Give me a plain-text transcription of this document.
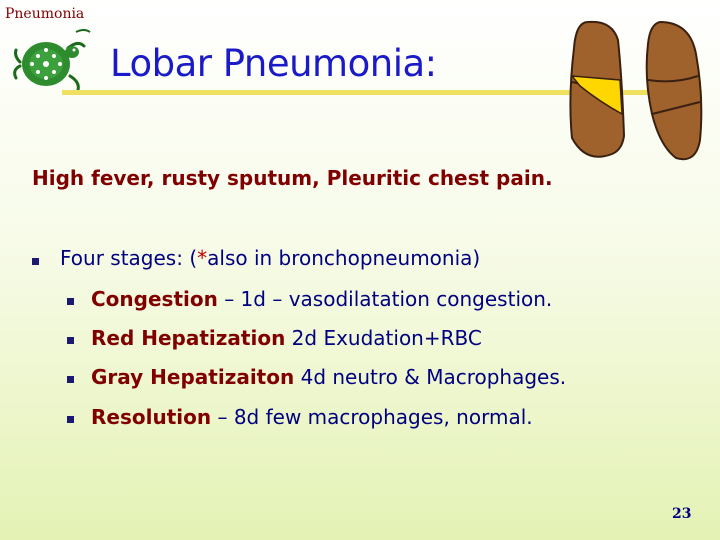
Pneumonia
Lobar Pneumonia:
High fever, rusty sputum, Pleuritic chest pain.
Four stages: (*also in bronchopneumonia)
Congestion – 1d – vasodilatation congestion.
Red Hepatization 2d Exudation+RBC
Gray Hepatizaiton 4d neutro & Macrophages.
Resolution – 8d few macrophages, normal.
23
